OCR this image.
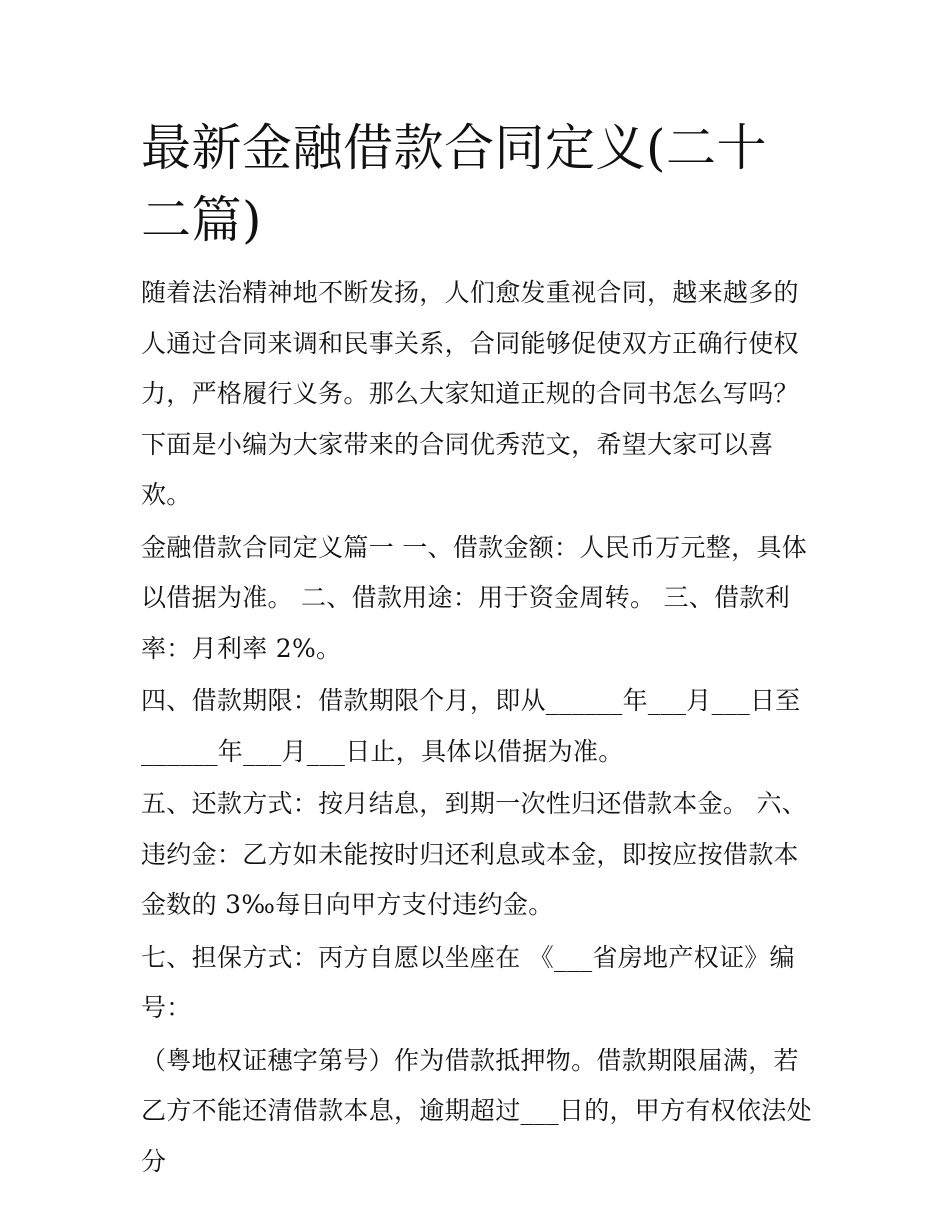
最新金融借款合同定义(二十二篇)

随着法治精神地不断发扬，人们愈发重视合同，越来越多的人通过合同来调和民事关系，合同能够促使双方正确行使权力，严格履行义务。那么大家知道正规的合同书怎么写吗？下面是小编为大家带来的合同优秀范文，希望大家可以喜欢。

金融借款合同定义篇一 一、借款金额：人民币万元整，具体以借据为准。 二、借款用途：用于资金周转。 三、借款利率：月利率 2%。

四、借款期限：借款期限个月，即从______年___月___日至______年___月___日止，具体以借据为准。

五、还款方式：按月结息，到期一次性归还借款本金。 六、违约金：乙方如未能按时归还利息或本金，即按应按借款本金数的 3‰每日向甲方支付违约金。

七、担保方式：丙方自愿以坐座在 《___省房地产权证》编号：

（粤地权证穗字第号）作为借款抵押物。借款期限届满，若乙方不能还清借款本息，逾期超过___日的，甲方有权依法处分
